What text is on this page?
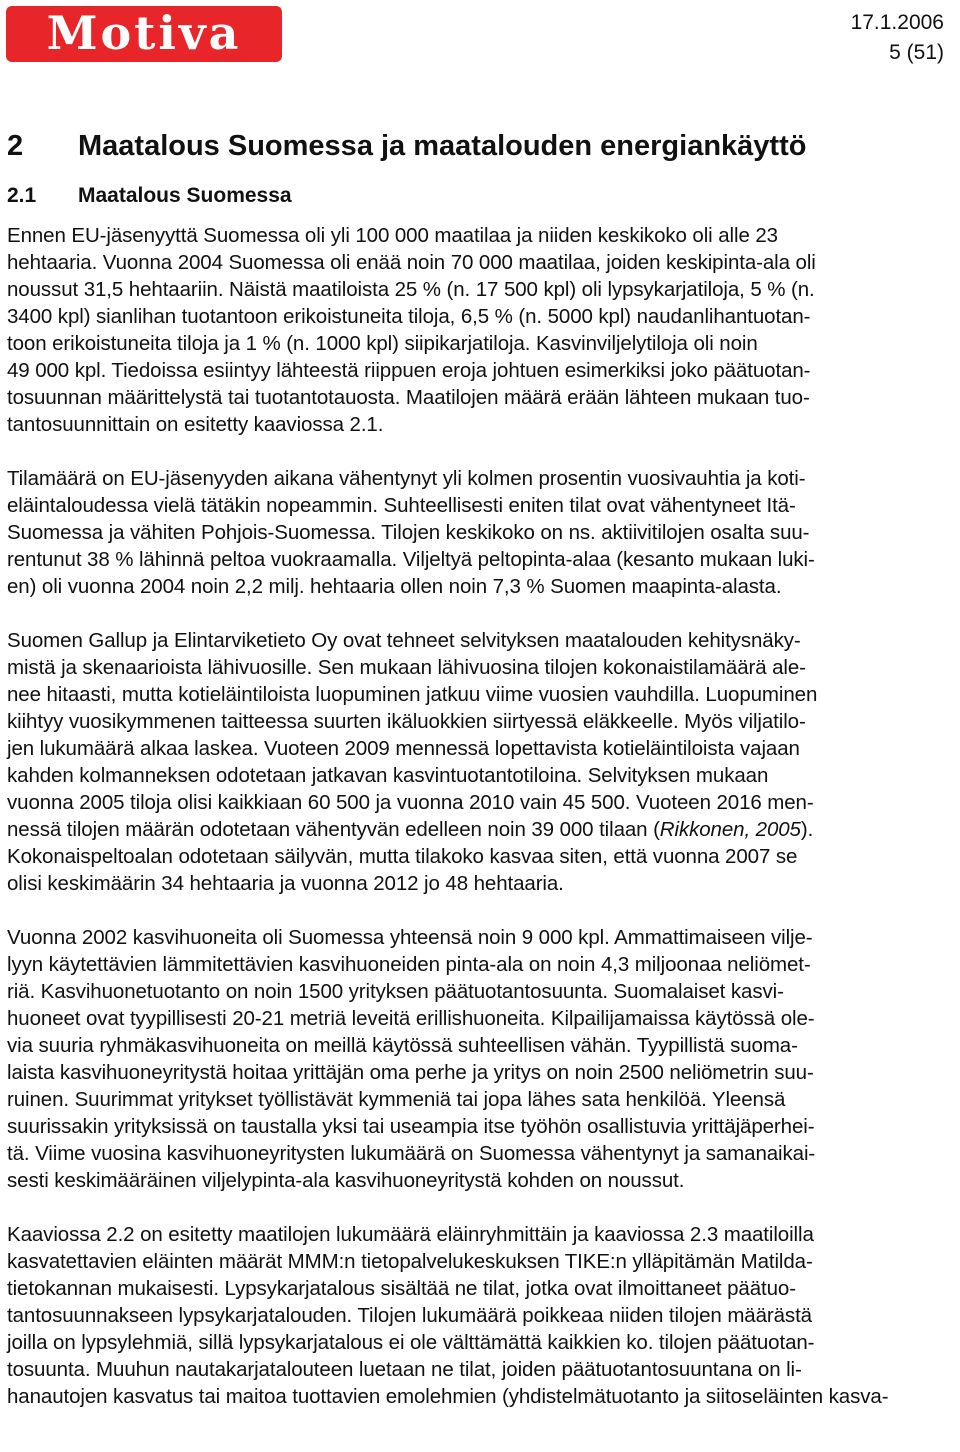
Motiva	17.1.2006
5 (51)
2	Maatalous Suomessa ja maatalouden energiankäyttö
2.1	Maatalous Suomessa

Ennen EU-jäsenyyttä Suomessa oli yli 100 000 maatilaa ja niiden keskikoko oli alle 23
hehtaaria. Vuonna 2004 Suomessa oli enää noin 70 000 maatilaa, joiden keskipinta-ala oli
noussut 31,5 hehtaariin. Näistä maatiloista 25 % (n. 17 500 kpl) oli lypsykarjatiloja, 5 % (n.
3400 kpl) sianlihan tuotantoon erikoistuneita tiloja, 6,5 % (n. 5000 kpl) naudanlihantuotan-
toon erikoistuneita tiloja ja 1 % (n. 1000 kpl) siipikarjatiloja. Kasvinviljelytiloja oli noin
49 000 kpl. Tiedoissa esiintyy lähteestä riippuen eroja johtuen esimerkiksi joko päätuotan-
tosuunnan määrittelystä tai tuotantotauosta. Maatilojen määrä erään lähteen mukaan tuo-
tantosuunnittain on esitetty kaaviossa 2.1.

Tilamäärä on EU-jäsenyyden aikana vähentynyt yli kolmen prosentin vuosivauhtia ja koti-
eläintaloudessa vielä tätäkin nopeammin. Suhteellisesti eniten tilat ovat vähentyneet Itä-
Suomessa ja vähiten Pohjois-Suomessa. Tilojen keskikoko on ns. aktiivitilojen osalta suu-
rentunut 38 % lähinnä peltoa vuokraamalla. Viljeltyä peltopinta-alaa (kesanto mukaan luki-
en) oli vuonna 2004 noin 2,2 milj. hehtaaria ollen noin 7,3 % Suomen maapinta-alasta.

Suomen Gallup ja Elintarviketieto Oy ovat tehneet selvityksen maatalouden kehitysnäky-
mistä ja skenaarioista lähivuosille. Sen mukaan lähivuosina tilojen kokonaistilamäärä ale-
nee hitaasti, mutta kotieläintiloista luopuminen jatkuu viime vuosien vauhdilla. Luopuminen
kiihtyy vuosikymmenen taitteessa suurten ikäluokkien siirtyessä eläkkeelle. Myös viljatilo-
jen lukumäärä alkaa laskea. Vuoteen 2009 mennessä lopettavista kotieläintiloista vajaan
kahden kolmanneksen odotetaan jatkavan kasvintuotantotiloina. Selvityksen mukaan
vuonna 2005 tiloja olisi kaikkiaan 60 500 ja vuonna 2010 vain 45 500. Vuoteen 2016 men-
nessä tilojen määrän odotetaan vähentyvän edelleen noin 39 000 tilaan (Rikkonen, 2005).
Kokonaispeltoalan odotetaan säilyvän, mutta tilakoko kasvaa siten, että vuonna 2007 se
olisi keskimäärin 34 hehtaaria ja vuonna 2012 jo 48 hehtaaria.

Vuonna 2002 kasvihuoneita oli Suomessa yhteensä noin 9 000 kpl. Ammattimaiseen vilje-
lyyn käytettävien lämmitettävien kasvihuoneiden pinta-ala on noin 4,3 miljoonaa neliömet-
riä. Kasvihuonetuotanto on noin 1500 yrityksen päätuotantosuunta. Suomalaiset kasvi-
huoneet ovat tyypillisesti 20-21 metriä leveitä erillishuoneita. Kilpailijamaissa käytössä ole-
via suuria ryhmäkasvihuoneita on meillä käytössä suhteellisen vähän. Tyypillistä suoma-
laista kasvihuoneyritystä hoitaa yrittäjän oma perhe ja yritys on noin 2500 neliömetrin suu-
ruinen. Suurimmat yritykset työllistävät kymmeniä tai jopa lähes sata henkilöä. Yleensä
suurissakin yrityksissä on taustalla yksi tai useampia itse työhön osallistuvia yrittäjäperhei-
tä. Viime vuosina kasvihuoneyritysten lukumäärä on Suomessa vähentynyt ja samanaikai-
sesti keskimääräinen viljelypinta-ala kasvihuoneyritystä kohden on noussut.

Kaaviossa 2.2 on esitetty maatilojen lukumäärä eläinryhmittäin ja kaaviossa 2.3 maatiloilla
kasvatettavien eläinten määrät MMM:n tietopalvelukeskuksen TIKE:n ylläpitämän Matilda-
tietokannan mukaisesti. Lypsykarjatalous sisältää ne tilat, jotka ovat ilmoittaneet päätuo-
tantosuunnakseen lypsykarjatalouden. Tilojen lukumäärä poikkeaa niiden tilojen määrästä
joilla on lypsylehmiä, sillä lypsykarjatalous ei ole välttämättä kaikkien ko. tilojen päätuotan-
tosuunta. Muuhun nautakarjatalouteen luetaan ne tilat, joiden päätuotantosuuntana on li-
hanautojen kasvatus tai maitoa tuottavien emolehmien (yhdistelmätuotanto ja siitoseläinten kasva-
